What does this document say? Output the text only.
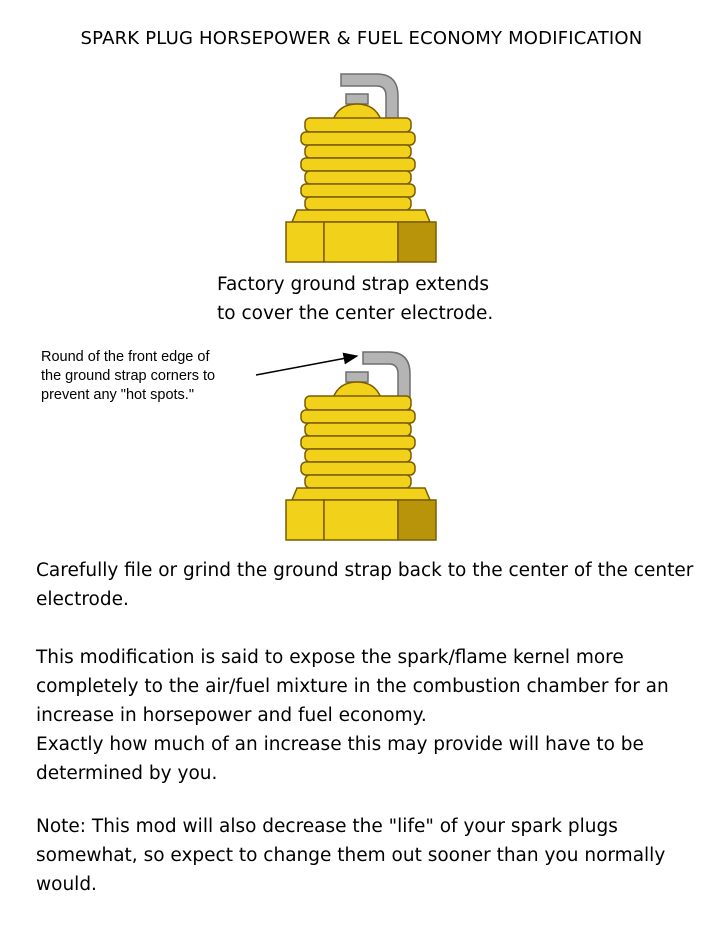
SPARK PLUG HORSEPOWER & FUEL ECONOMY MODIFICATION
Factory ground strap extends
to cover the center electrode.
Round of the front edge of
the ground strap corners to
prevent any "hot spots."
Carefully file or grind the ground strap back to the center of the center electrode.
This modification is said to expose the spark/flame kernel more completely to the air/fuel mixture in the combustion chamber for an increase in horsepower and fuel economy.
Exactly how much of an increase this may provide will have to be determined by you.
Note: This mod will also decrease the "life" of your spark plugs somewhat, so expect to change them out sooner than you normally would.
